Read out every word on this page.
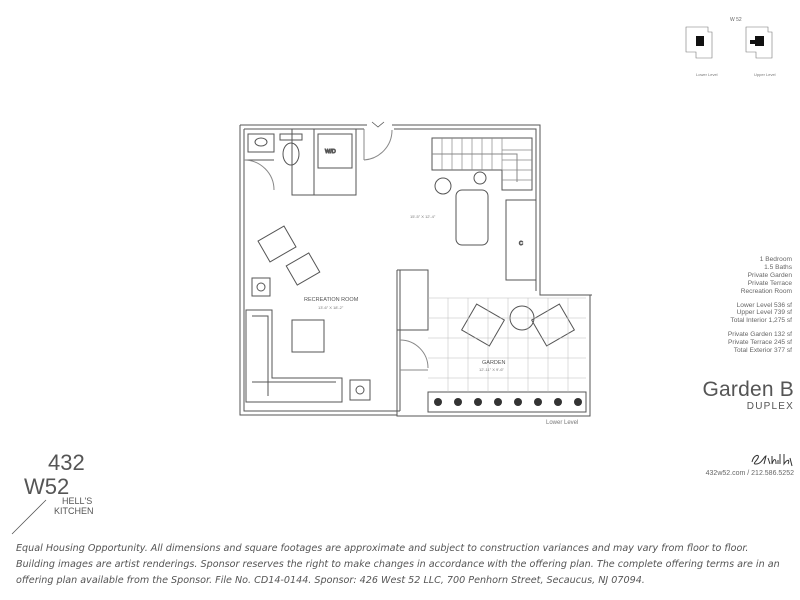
W 52
Lower Level	Upper Level
W/D
C
RECREATION ROOM
13'-6" X 18'-2"
15'-5" X 12'-4"
GARDEN
12'-11" X 9'-6"
1 Bedroom
1.5 Baths
Private Garden
Private Terrace
Recreation Room
Lower Level 536 sf
Upper Level 739 sf
Total Interior 1,275 sf
Private Garden 132 sf
Private Terrace 245 sf
Total Exterior 377 sf
Garden B
DUPLEX
Lower Level
432w52.com / 212.586.5252
432
W52
HELL'S
KITCHEN
Equal Housing Opportunity. All dimensions and square footages are approximate and subject to construction variances and may vary from floor to floor. Building images are artist renderings. Sponsor reserves the right to make changes in accordance with the offering plan. The complete offering terms are in an offering plan available from the Sponsor. File No. CD14-0144. Sponsor: 426 West 52 LLC, 700 Penhorn Street, Secaucus, NJ 07094.
